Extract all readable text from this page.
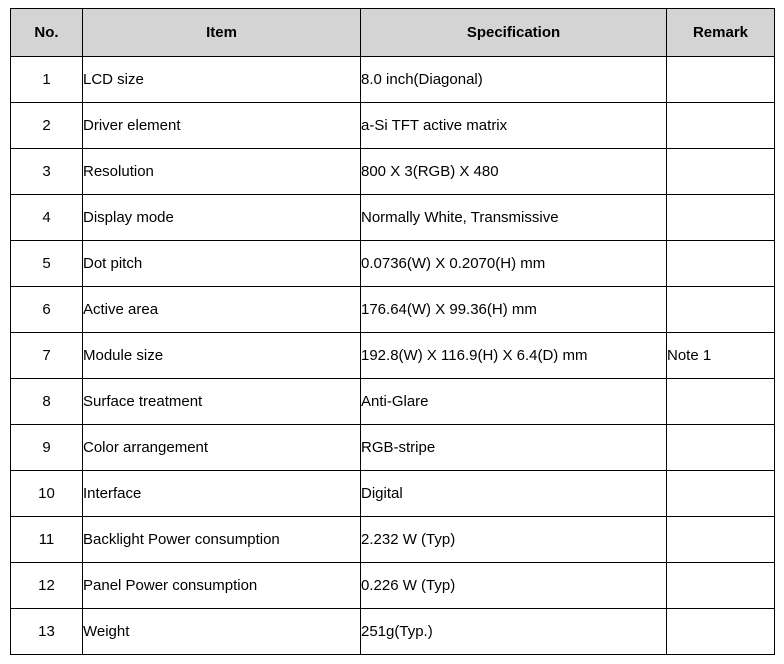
No.	Item	Specification	Remark
1	LCD size	8.0 inch(Diagonal)	
2	Driver element	a-Si TFT active matrix	
3	Resolution	800 X 3(RGB) X 480	
4	Display mode	Normally White, Transmissive	
5	Dot pitch	0.0736(W) X 0.2070(H) mm	
6	Active area	176.64(W) X 99.36(H) mm	
7	Module size	192.8(W) X 116.9(H) X 6.4(D) mm	Note 1
8	Surface treatment	Anti-Glare	
9	Color arrangement	RGB-stripe	
10	Interface	Digital	
11	Backlight Power consumption	2.232 W (Typ)	
12	Panel Power consumption	0.226 W (Typ)	
13	Weight	251g(Typ.)	
